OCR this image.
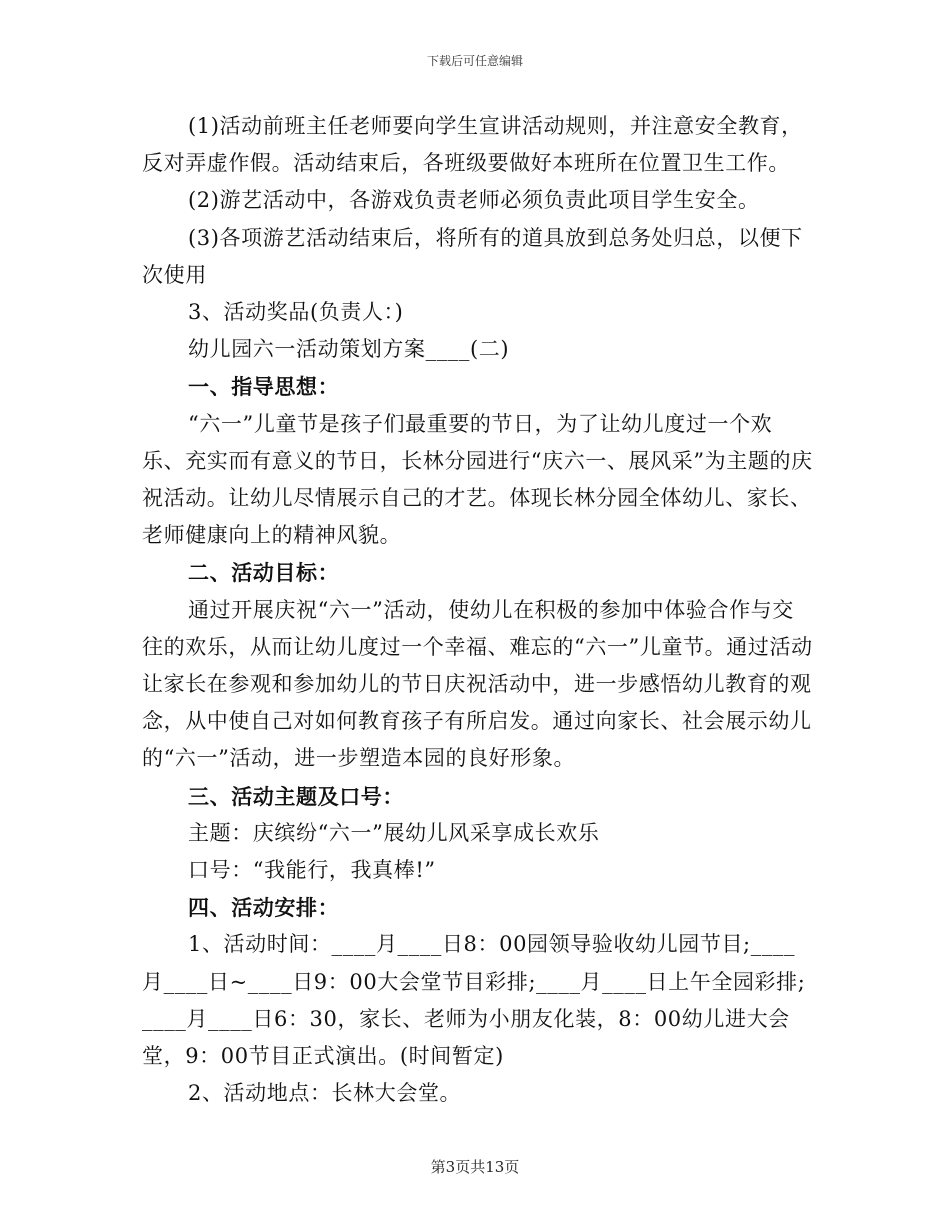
下载后可任意编辑

(1)活动前班主任老师要向学生宣讲活动规则，并注意安全教育，反对弄虚作假。活动结束后，各班级要做好本班所在位置卫生工作。

(2)游艺活动中，各游戏负责老师必须负责此项目学生安全。

(3)各项游艺活动结束后，将所有的道具放到总务处归总，以便下次使用

3、活动奖品(负责人：)

幼儿园六一活动策划方案____(二)

一、指导思想：

“六一”儿童节是孩子们最重要的节日，为了让幼儿度过一个欢乐、充实而有意义的节日，长林分园进行“庆六一、展风采”为主题的庆祝活动。让幼儿尽情展示自己的才艺。体现长林分园全体幼儿、家长、老师健康向上的精神风貌。

二、活动目标：

通过开展庆祝“六一”活动，使幼儿在积极的参加中体验合作与交往的欢乐，从而让幼儿度过一个幸福、难忘的“六一”儿童节。通过活动让家长在参观和参加幼儿的节日庆祝活动中，进一步感悟幼儿教育的观念，从中使自己对如何教育孩子有所启发。通过向家长、社会展示幼儿的“六一”活动，进一步塑造本园的良好形象。

三、活动主题及口号：

主题：庆缤纷“六一”展幼儿风采享成长欢乐

口号：“我能行，我真棒!”

四、活动安排：

1、活动时间：____月____日8：00园领导验收幼儿园节目;____月____日~____日9：00大会堂节目彩排;____月____日上午全园彩排;____月____日6：30，家长、老师为小朋友化装，8：00幼儿进大会堂，9：00节目正式演出。(时间暂定)

2、活动地点：长林大会堂。

第3页共13页
